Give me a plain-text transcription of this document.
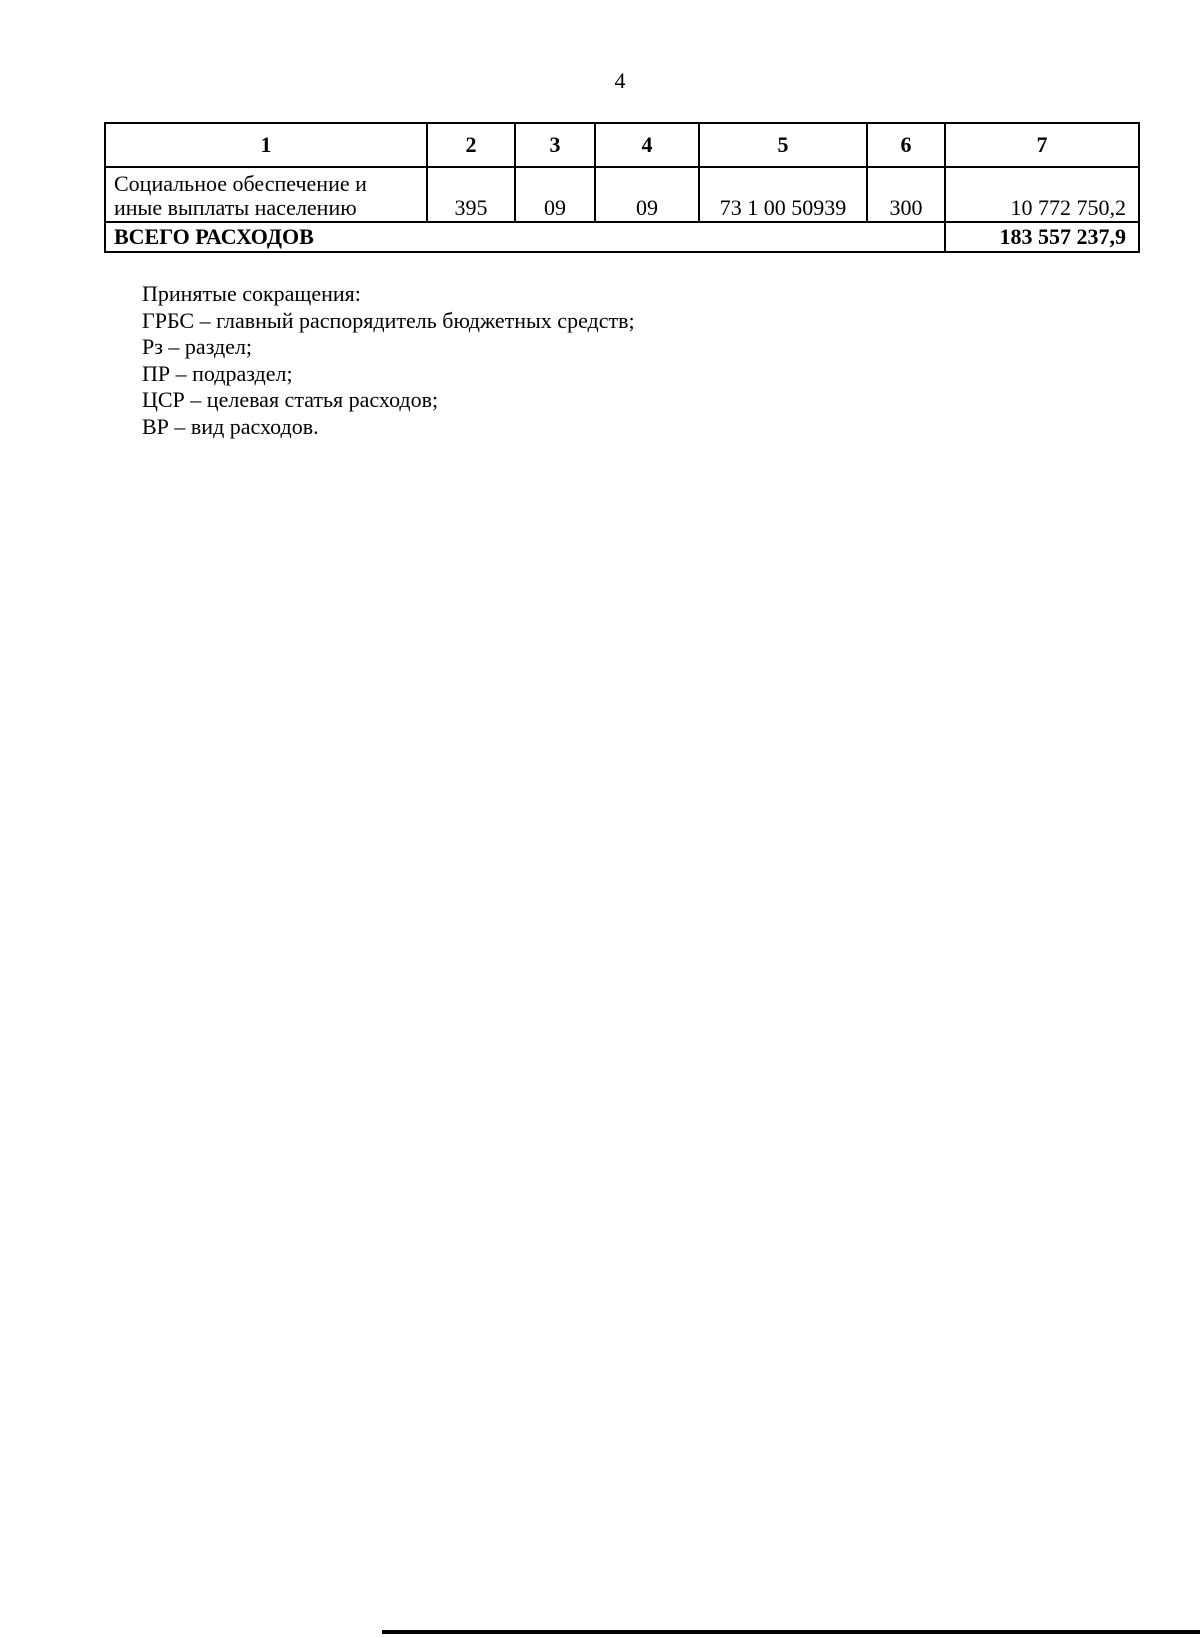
4
1	2	3	4	5	6	7

Социальное обеспечение и
иные выплаты населению	395	09	09	73 1 00 50939	300	10 772 750,2
ВСЕГО РАСХОДОВ						183 557 237,9
Принятые сокращения:
ГРБС – главный распорядитель бюджетных средств;
Рз – раздел;
ПР – подраздел;
ЦСР – целевая статья расходов;
ВР – вид расходов.
